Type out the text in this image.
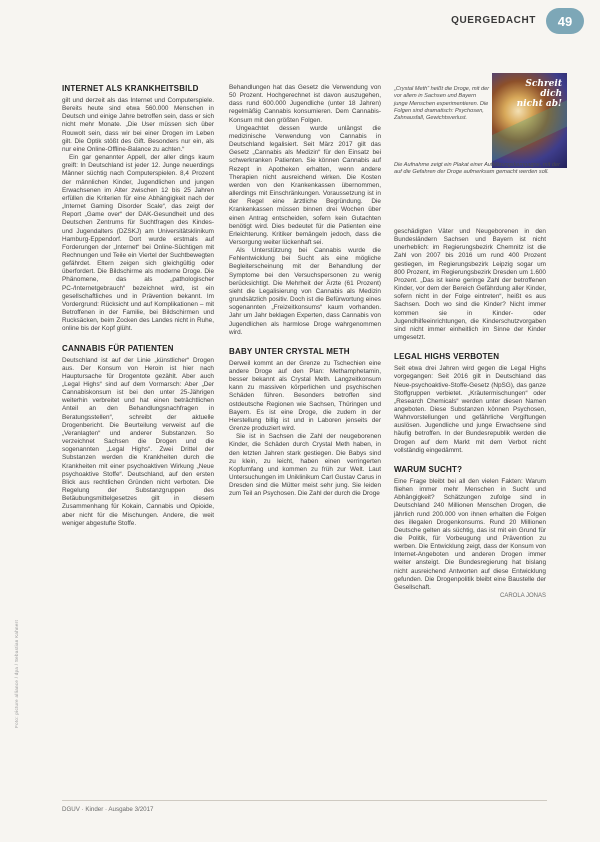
QUERGEDACHT	49
INTERNET ALS KRANKHEITSBILD

gilt und derzeit als das Internet und Computerspiele. Bereits heute sind etwa 560.000 Menschen in Deutsch und einige Jahre betroffen sein, dass er sich nicht mehr Monate. „Die User müssen sich über Rouwolt sein, dass wir bei einer Drogen im Leben gilt. Die Optik stößt des Gift. Besonders nur ein, als nur eine Online-Offline-Balance zu achten.“

Ein gar genannter Appell, der aller dings kaum greift: In Deutschland ist jeder 12. Junge neuerdings Männer süchtig nach Computerspielen. 8,4 Prozent der männlichen Kinder, Jugendlichen und jungen Erwachsenen im Alter zwischen 12 bis 25 Jahren erfüllen die Kriterien für eine Abhängigkeit nach der „Internet Gaming Disorder Scale“, das zeigt der Report „Game over“ der DAK-Gesundheit und des Deutschen Zentrums für Suchtfragen des Kindes- und Jugendalters (DZSKJ) am Universitätsklinikum Hamburg-Eppendorf. Dort wurde erstmals auf Forderungen der „Internet“ bei Online-Süchtigen mit Rechnungen und Teile ein Viertel der Suchtbewegten gefährdet. Eltern zeigen sich gleichgültig oder überfordert. Die Bildschirme als moderne Droge. Die Phänomene, das als „pathologischer PC-/Internetgebrauch“ bezeichnet wird, ist ein gesellschaftliches und in Prävention bekannt. Im Vordergrund: Rücksicht und auf Komplikationen – mit Betroffenen in der Familie, bei Bildschirmen und Rucksäcken, beim Zocken des Landes nicht in Ruhe, online bis der Kopf glüht.

CANNABIS FÜR PATIENTEN

Deutschland ist auf der Linie „künstlicher“ Drogen aus. Der Konsum von Heroin ist hier nach Hauptursache für Drogentote gezählt. Aber auch „Legal Highs“ sind auf dem Vormarsch: Aber „Der Cannabiskonsum ist bei den unter 25-Jährigen weiterhin verbreitet und hat einen beträchtlichen Anteil an den Behandlungsnachfragen in Beratungsstellen“, schreibt der aktuelle Drogenbericht. Die Beurteilung verweist auf die „Veranlagten“ und anderer Substanzen. So verzeichnet Sachsen die Drogen und die sogenannten „Legal Highs“. Zwei Drittel der Substanzen werden die Krankheiten durch die Krankheiten mit einer psychoaktiven Wirkung „Neue psychoaktive Stoffe“. Deutschland, auf den ersten Blick aus rechtlichen Gründen nicht verboten. Die Regelung der Substanzgruppen des Betäubungsmittelgesetzes gilt in diesem Zusammenhang für Kokain, Cannabis und Opioide, aber nicht für die Mischungen. Andere, die weit weniger abgestufte Stoffe.

Behandlungen hat das Gesetz die Verwendung von 50 Prozent. Hochgerechnet ist davon auszugehen, dass rund 600.000 Jugendliche (unter 18 Jahren) regelmäßig Cannabis konsumieren. Dem Cannabis-Konsum mit den größten Folgen.

Ungeachtet dessen wurde unlängst die medizinische Verwendung von Cannabis in Deutschland legalisiert. Seit März 2017 gilt das Gesetz „Cannabis als Medizin“ für den Einsatz bei schwerkranken Patienten. Sie können Cannabis auf Rezept in Apotheken erhalten, wenn andere Therapien nicht ausreichend wirken. Die Kosten werden von den Krankenkassen übernommen, allerdings mit Einschränkungen. Voraussetzung ist in der Regel eine ärztliche Begründung. Die Krankenkassen müssen binnen drei Wochen über einen Antrag entscheiden, sofern kein Gutachten benötigt wird. Dies bedeutet für die Patienten eine Erleichterung. Kritiker bemängeln jedoch, dass die Versorgung weiter lückenhaft sei.

Als Unterstützung bei Cannabis wurde die Fehlentwicklung bei Sucht als eine mögliche Begleiterscheinung mit der Behandlung der Symptome bei den Versuchspersonen zu wenig berücksichtigt. Die Mehrheit der Ärzte (61 Prozent) sieht die Legalisierung von Cannabis als Medizin grundsätzlich positiv. Doch ist die Befürwortung eines sogenannten „Freizeitkonsums“ kaum vorhanden. Jahr um Jahr beklagen Experten, dass Cannabis von Jugendlichen als harmlose Droge wahrgenommen wird.

BABY UNTER CRYSTAL METH

Derweil kommt an der Grenze zu Tschechien eine andere Droge auf den Plan: Methamphetamin, besser bekannt als Crystal Meth. Langzeitkonsum kann zu massiven körperlichen und psychischen Schäden führen. Besonders betroffen sind ostdeutsche Regionen wie Sachsen, Thüringen und Bayern. Es ist eine Droge, die zudem in der Herstellung billig ist und in Laboren jenseits der Grenze produziert wird.

Sie ist in Sachsen die Zahl der neugeborenen Kinder, die Schäden durch Crystal Meth haben, in den letzten Jahren stark gestiegen. Die Babys sind zu klein, zu leicht, haben einen verringerten Kopfumfang und kommen zu früh zur Welt. Laut Untersuchungen im Uniklinikum Carl Gustav Carus in Dresden sind die Mütter meist sehr jung. Sie leiden zum Teil an Psychosen. Die Zahl der durch die Droge

„Crystal Meth“ heißt die Droge, mit der vor allem in Sachsen und Bayern junge Menschen experimentieren. Die Folgen sind dramatisch: Psychosen, Zahnausfall, Gewichtsverlust.
Schreit dich nicht ab!
Die Aufnahme zeigt ein Plakat einer Aufklärungskampagne, mit der auf die Gefahren der Droge aufmerksam gemacht werden soll.

geschädigten Väter und Neugeborenen in den Bundesländern Sachsen und Bayern ist nicht unerheblich: im Regierungsbezirk Chemnitz ist die Zahl von 2007 bis 2016 um rund 400 Prozent gestiegen, im Regierungsbezirk Leipzig sogar um 800 Prozent, im Regierungsbezirk Dresden um 1.600 Prozent. „Das ist keine geringe Zahl der betroffenen Kinder, vor dem der Bereich Gefährdung aller Kinder, sofern nicht in der Folge eintreten“, heißt es aus Sachsen. Doch wo sind die Kinder? Nicht immer kommen sie in Kinder- oder Jugendhilfeeinrichtungen, die Kinderschutzvorgaben sind nicht immer einheitlich im Sinne der Kinder umgesetzt.

LEGAL HIGHS VERBOTEN

Seit etwa drei Jahren wird gegen die Legal Highs vorgegangen: Seit 2016 gilt in Deutschland das Neue-psychoaktive-Stoffe-Gesetz (NpSG), das ganze Stoffgruppen verbietet. „Kräutermischungen“ oder „Research Chemicals“ werden unter diesen Namen angeboten. Diese Substanzen können Psychosen, Wahnvorstellungen und gefährliche Vergiftungen auslösen. Jugendliche und junge Erwachsene sind häufig betroffen. In der Bundesrepublik werden die Drogen auf dem Markt mit dem Verbot nicht vollständig eingedämmt.

WARUM SUCHT?

Eine Frage bleibt bei all den vielen Fakten: Warum fliehen immer mehr Menschen in Sucht und Abhängigkeit? Schätzungen zufolge sind in Deutschland 240 Millionen Menschen Drogen, die jährlich rund 200.000 von ihnen erhalten die Folgen des illegalen Drogenkonsums. Rund 20 Millionen Deutsche gelten als süchtig, das ist mit ein Grund für die Politik, für Vorbeugung und Prävention zu werben. Die Entwicklung zeigt, dass der Konsum von Internet-Angeboten und anderen Drogen immer weiter ansteigt. Die Bundesregierung hat bislang nicht ausreichend Antworten auf diese Entwicklung gefunden. Die Drogenpolitik bleibt eine Baustelle der Gesellschaft.

CAROLA JONAS

Foto: picture alliance / dpa / Sebastian Kahnert
DGUV · Kinder · Ausgabe 3/2017
